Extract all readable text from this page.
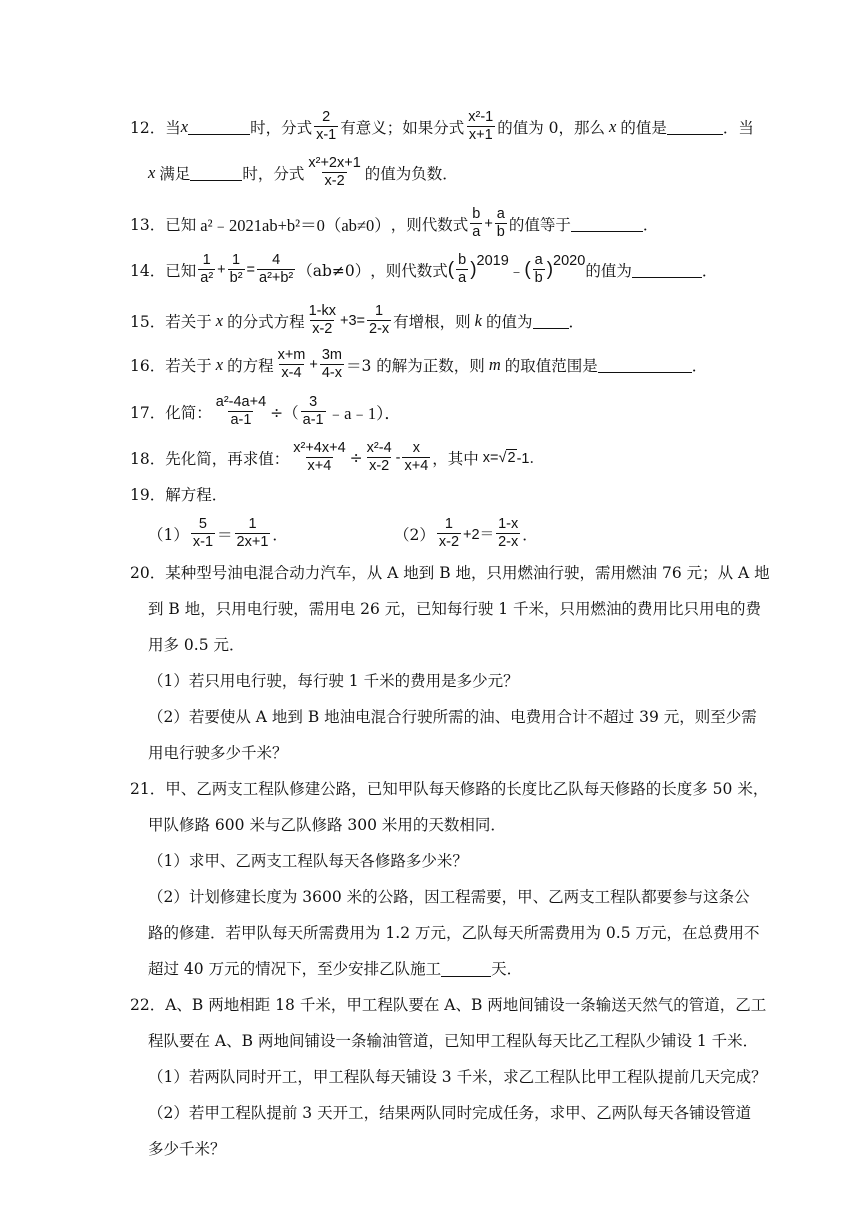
12． 当 x	时，分式 $\frac{2}{x-1}$ 有意义；如果分式 $\frac{\text{x²-1}}{x+1}$ 的值为 0，那么 x 的值是	．当
x 满足	时，分式 $\frac{\text{x²+2x+1}}{x-2}$ 的值为负数．
13． 已知 a²﹣2021ab+b²＝0（ab≠0） ，则代数式 $\frac{b}{a} + \frac{a}{b}$ 的值等于	．
14． 已知 $\frac{1}{\text{a²}} + \frac{1}{\text{b²}} = \frac{4}{\text{a²+b²}} (ab\ne 0)$ ，则代数式 ( $\frac{b}{a}$ ) 2019
﹣ ( $\frac{a}{b}$ ) 2020
的值为	．
15． 若关于 x 的分式方程 $\frac{1-kx}{x-2} +3= \frac{1}{2-x}$ 有增根，则 k 的值为 ．
16． 若关于 x 的方程 $\frac{x+m}{x-4} + \frac{3m}{4-x} =3$ 的解为正数，则 m 的取值范围是	．
17． 化简： $\frac{\text{a²-4a+4}}{a-1}$ ÷（ $\frac{3}{a-1}$ ﹣a﹣1）．
18． 先化简，再求值： $\frac{\text{x²+4x+4}}{x+4} \div \frac{\text{x²-4}}{x-2} - \frac{x}{x+4}$ ，其中 x= √ 2 -1．
19． 解方程．
$(1) \frac{5}{x-1} = \frac{1}{2x+1}$ ．	$(2) \frac{1}{x-2} +2= \frac{1-x}{2-x}$ ．
20． 某种型号油电混合动力汽车，从 A 地到 B 地，只用燃油行驶，需用燃油 76 元；从 A 地
到 B 地，只用电行驶，需用电 26 元，已知每行驶 1 千米，只用燃油的费用比只用电的费
用多 0.5 元．
（1）若只用电行驶，每行驶 1 千米的费用是多少元？
（2）若要使从 A 地到 B 地油电混合行驶所需的油、电费用合计不超过 39 元，则至少需
用电行驶多少千米？
21． 甲、乙两支工程队修建公路，已知甲队每天修路的长度比乙队每天修路的长度多 50 米，
甲队修路 600 米与乙队修路 300 米用的天数相同．
（1）求甲、乙两支工程队每天各修路多少米？
（2）计划修建长度为 3600 米的公路，因工程需要，甲、乙两支工程队都要参与这条公
路的修建．若甲队每天所需费用为 1.2 万元，乙队每天所需费用为 0.5 万元，在总费用不
超过 40 万元的情况下，至少安排乙队施工	天．
22． A、B 两地相距 18 千米，甲工程队要在 A、B 两地间铺设一条输送天然气的管道，乙工
程队要在 A、B 两地间铺设一条输油管道，已知甲工程队每天比乙工程队少铺设 1 千米．
（1）若两队同时开工，甲工程队每天铺设 3 千米，求乙工程队比甲工程队提前几天完成？
（2）若甲工程队提前 3 天开工，结果两队同时完成任务，求甲、乙两队每天各铺设管道
多少千米？
